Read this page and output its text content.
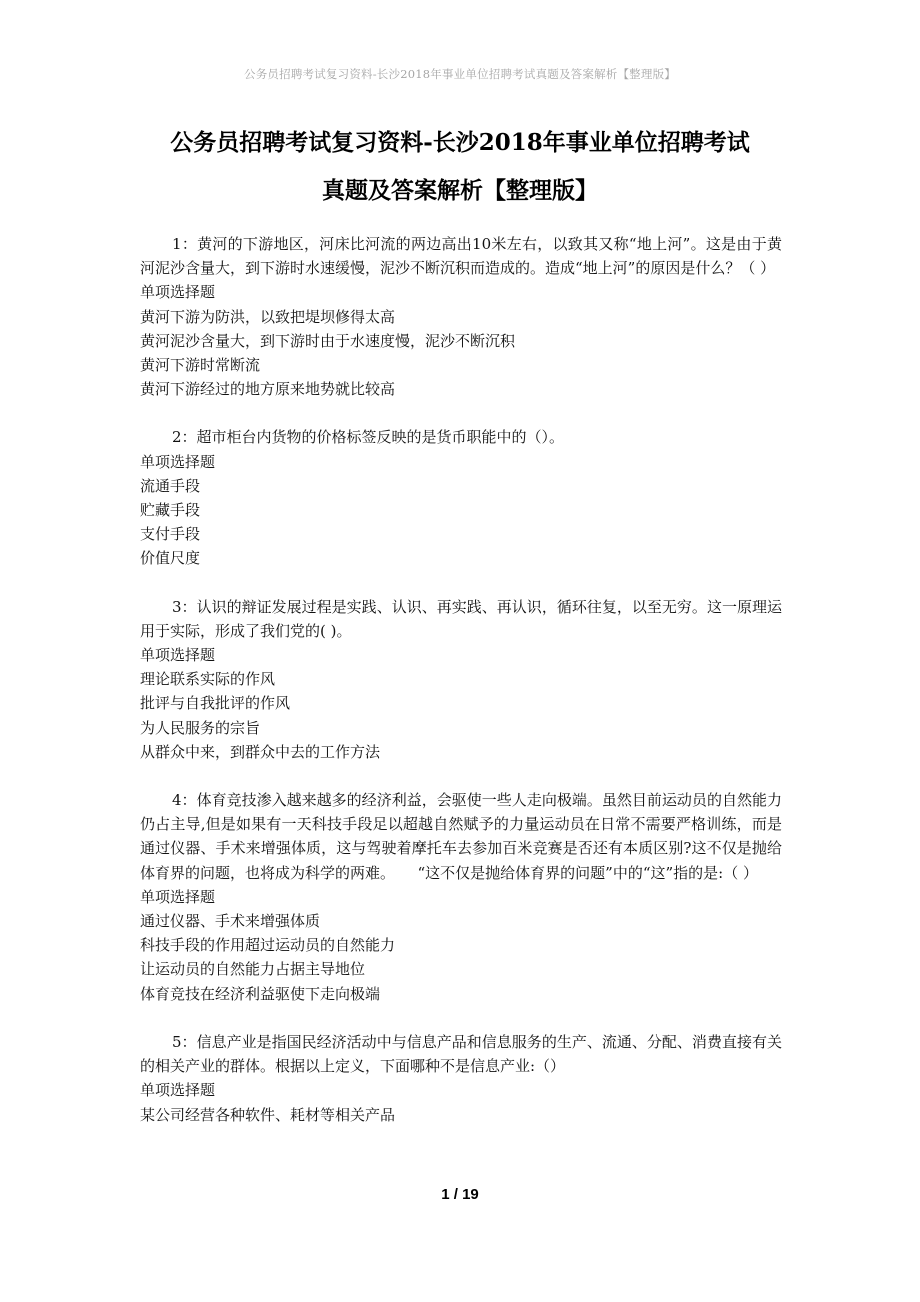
公务员招聘考试复习资料-长沙2018年事业单位招聘考试真题及答案解析【整理版】
公务员招聘考试复习资料-长沙2018年事业单位招聘考试
真题及答案解析【整理版】

1：黄河的下游地区，河床比河流的两边高出10米左右，以致其又称“地上河”。这是由于黄河泥沙含量大，到下游时水速缓慢，泥沙不断沉积而造成的。造成“地上河”的原因是什么？（ ）

单项选择题

黄河下游为防洪，以致把堤坝修得太高

黄河泥沙含量大，到下游时由于水速度慢，泥沙不断沉积

黄河下游时常断流

黄河下游经过的地方原来地势就比较高

2：超市柜台内货物的价格标签反映的是货币职能中的（）。

单项选择题

流通手段

贮藏手段

支付手段

价值尺度

3：认识的辩证发展过程是实践、认识、再实践、再认识，循环往复，以至无穷。这一原理运用于实际，形成了我们党的( )。

单项选择题

理论联系实际的作风

批评与自我批评的作风

为人民服务的宗旨

从群众中来，到群众中去的工作方法

4：体育竞技渗入越来越多的经济利益，会驱使一些人走向极端。虽然目前运动员的自然能力仍占主导,但是如果有一天科技手段足以超越自然赋予的力量运动员在日常不需要严格训练，而是通过仪器、手术来增强体质，这与驾驶着摩托车去参加百米竞赛是否还有本质区别?这不仅是抛给体育界的问题，也将成为科学的两难。　　“这不仅是抛给体育界的问题”中的“这”指的是:（ ）

单项选择题

通过仪器、手术来增强体质

科技手段的作用超过运动员的自然能力

让运动员的自然能力占据主导地位

体育竞技在经济利益驱使下走向极端

5：信息产业是指国民经济活动中与信息产品和信息服务的生产、流通、分配、消费直接有关的相关产业的群体。根据以上定义，下面哪种不是信息产业:（）

单项选择题

某公司经营各种软件、耗材等相关产品

1 / 19
